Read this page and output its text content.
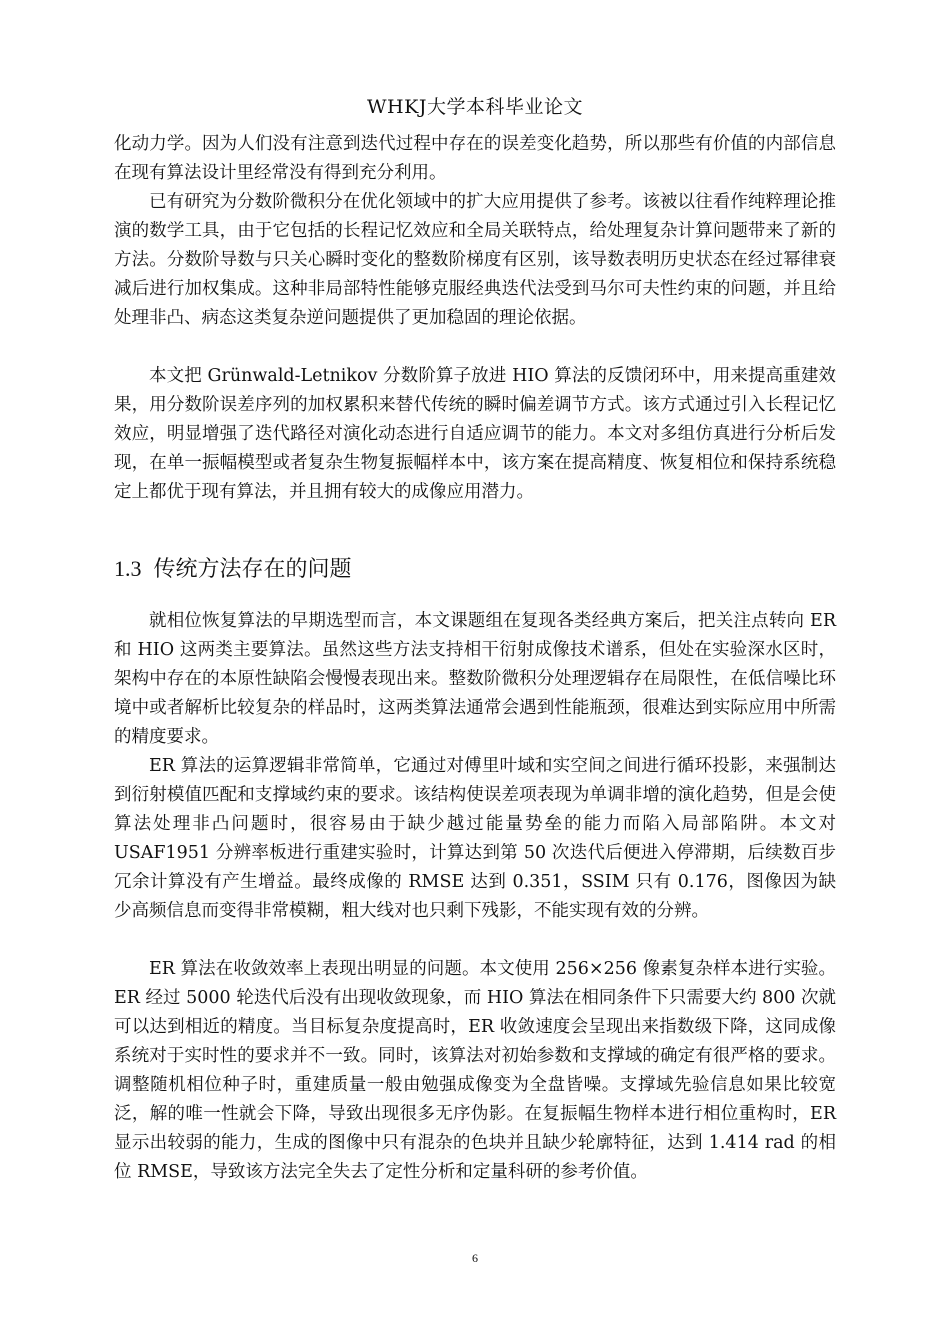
WHKJ大学本科毕业论文

化动力学。因为人们没有注意到迭代过程中存在的误差变化趋势，所以那些有价值的内部信息在现有算法设计里经常没有得到充分利用。

已有研究为分数阶微积分在优化领域中的扩大应用提供了参考。该被以往看作纯粹理论推演的数学工具，由于它包括的长程记忆效应和全局关联特点，给处理复杂计算问题带来了新的方法。分数阶导数与只关心瞬时变化的整数阶梯度有区别，该导数表明历史状态在经过幂律衰减后进行加权集成。这种非局部特性能够克服经典迭代法受到马尔可夫性约束的问题，并且给处理非凸、病态这类复杂逆问题提供了更加稳固的理论依据。

本文把 Grünwald-Letnikov 分数阶算子放进 HIO 算法的反馈闭环中，用来提高重建效果，用分数阶误差序列的加权累积来替代传统的瞬时偏差调节方式。该方式通过引入长程记忆效应，明显增强了迭代路径对演化动态进行自适应调节的能力。本文对多组仿真进行分析后发现，在单一振幅模型或者复杂生物复振幅样本中，该方案在提高精度、恢复相位和保持系统稳定上都优于现有算法，并且拥有较大的成像应用潜力。

1.3 传统方法存在的问题

就相位恢复算法的早期选型而言，本文课题组在复现各类经典方案后，把关注点转向 ER 和 HIO 这两类主要算法。虽然这些方法支持相干衍射成像技术谱系，但处在实验深水区时，架构中存在的本原性缺陷会慢慢表现出来。整数阶微积分处理逻辑存在局限性，在低信噪比环境中或者解析比较复杂的样品时，这两类算法通常会遇到性能瓶颈，很难达到实际应用中所需的精度要求。

ER 算法的运算逻辑非常简单，它通过对傅里叶域和实空间之间进行循环投影，来强制达到衍射模值匹配和支撑域约束的要求。该结构使误差项表现为单调非增的演化趋势，但是会使算法处理非凸问题时，很容易由于缺少越过能量势垒的能力而陷入局部陷阱。本文对 USAF1951 分辨率板进行重建实验时，计算达到第 50 次迭代后便进入停滞期，后续数百步冗余计算没有产生增益。最终成像的 RMSE 达到 0.351，SSIM 只有 0.176，图像因为缺少高频信息而变得非常模糊，粗大线对也只剩下残影，不能实现有效的分辨。

ER 算法在收敛效率上表现出明显的问题。本文使用 256×256 像素复杂样本进行实验。ER 经过 5000 轮迭代后没有出现收敛现象，而 HIO 算法在相同条件下只需要大约 800 次就可以达到相近的精度。当目标复杂度提高时，ER 收敛速度会呈现出来指数级下降，这同成像系统对于实时性的要求并不一致。同时，该算法对初始参数和支撑域的确定有很严格的要求。调整随机相位种子时，重建质量一般由勉强成像变为全盘皆噪。支撑域先验信息如果比较宽泛，解的唯一性就会下降，导致出现很多无序伪影。在复振幅生物样本进行相位重构时，ER 显示出较弱的能力，生成的图像中只有混杂的色块并且缺少轮廓特征，达到 1.414 rad 的相位 RMSE，导致该方法完全失去了定性分析和定量科研的参考价值。

6
